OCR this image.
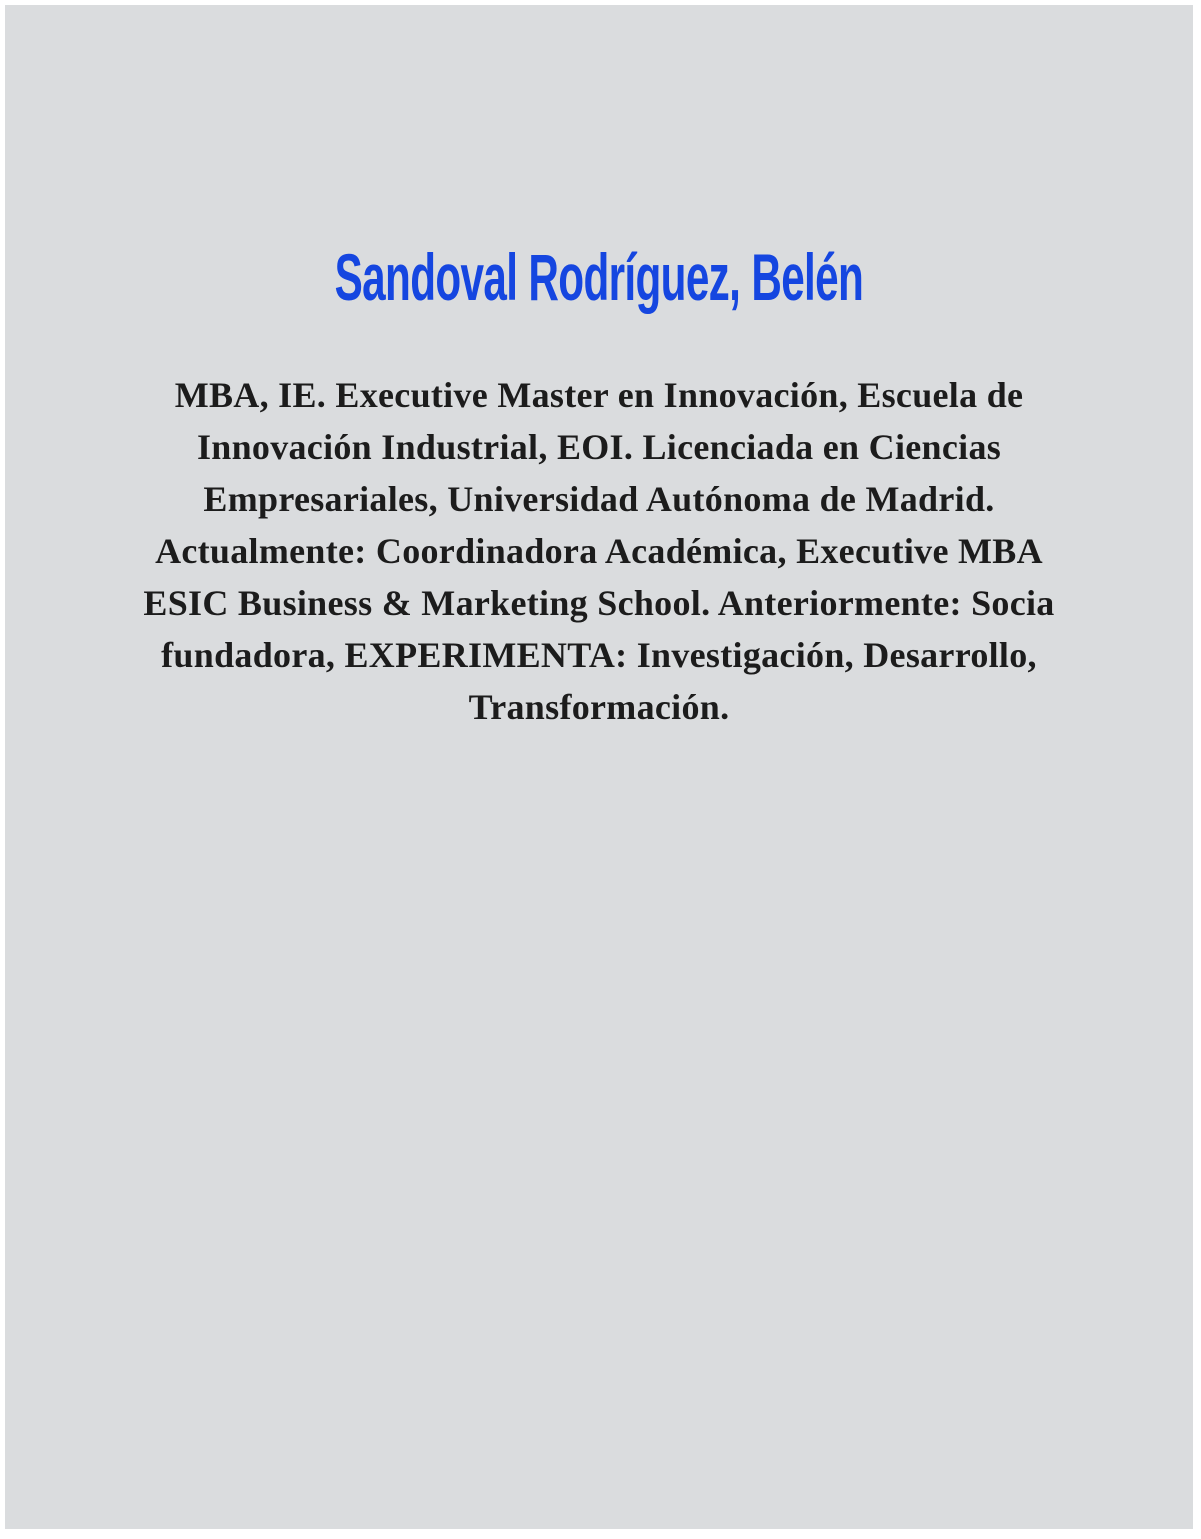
Sandoval Rodríguez, Belén
MBA, IE. Executive Master en Innovación, Escuela de
Innovación Industrial, EOI. Licenciada en Ciencias
Empresariales, Universidad Autónoma de Madrid.
Actualmente: Coordinadora Académica, Executive MBA
ESIC Business & Marketing School. Anteriormente: Socia
fundadora, EXPERIMENTA: Investigación, Desarrollo,
Transformación.
